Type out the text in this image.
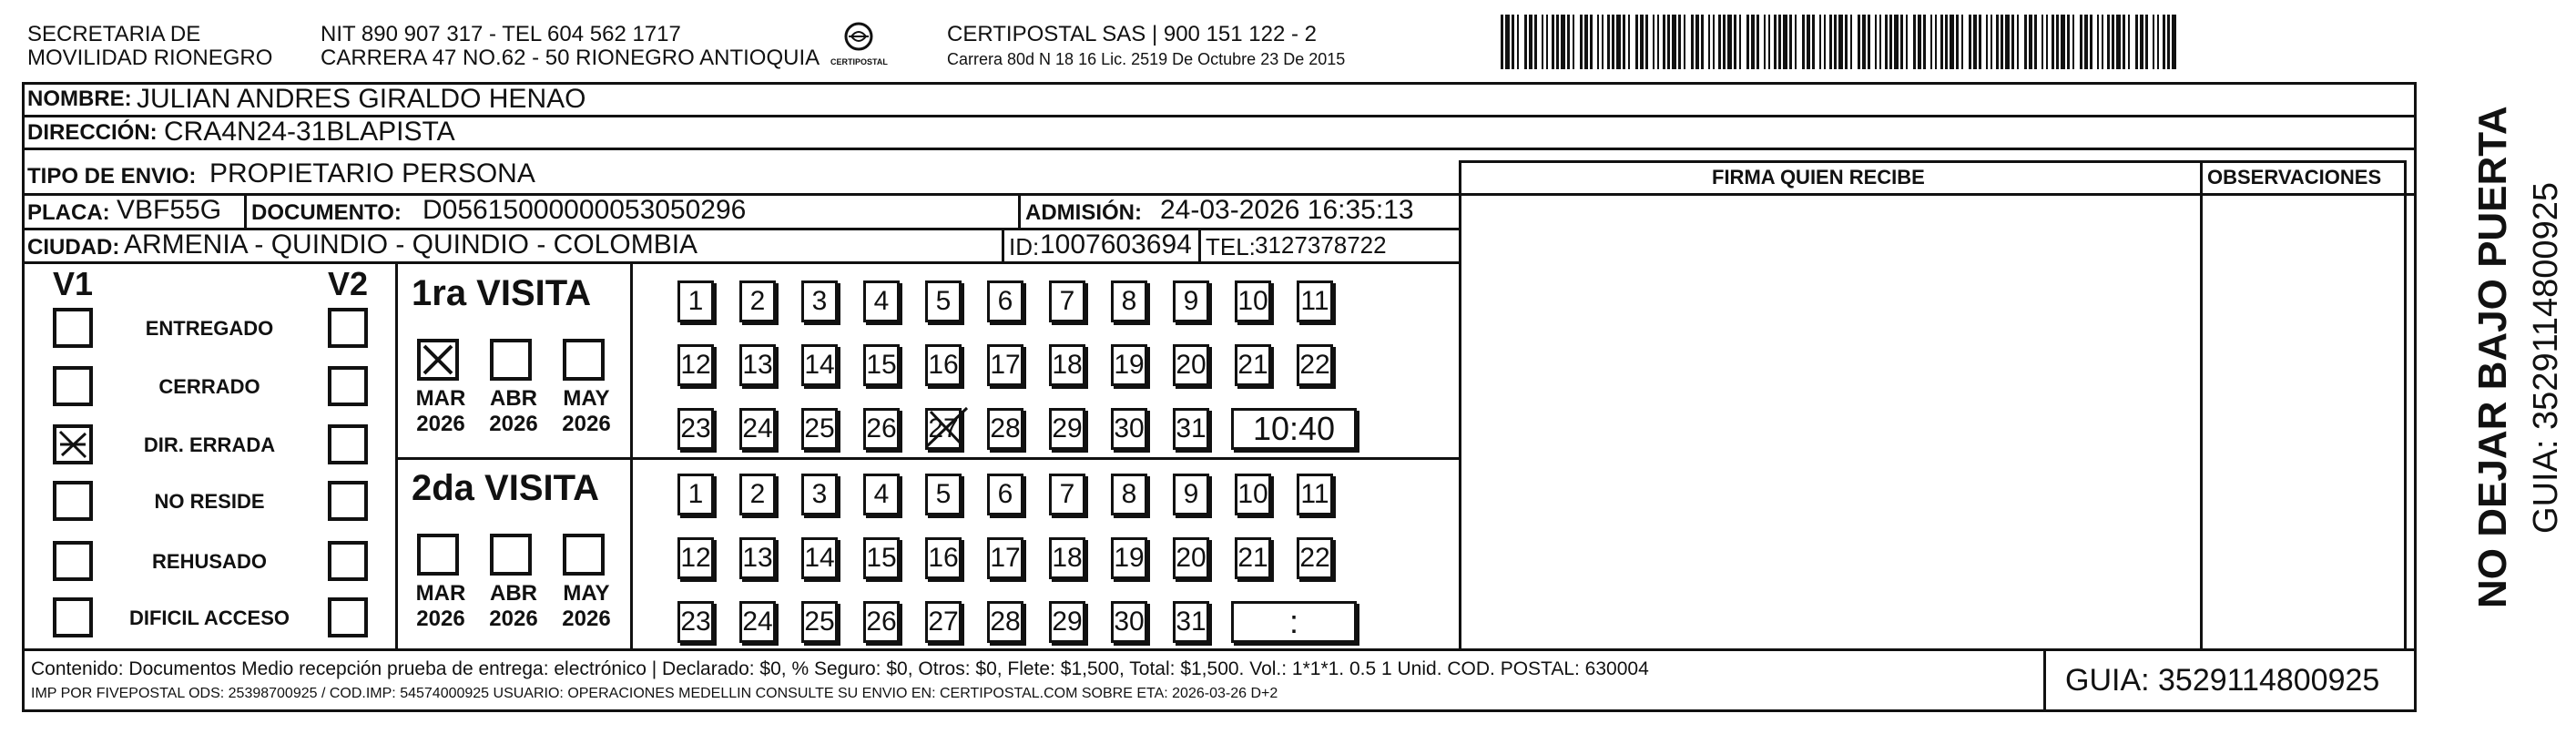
SECRETARIA DE
MOVILIDAD RIONEGRO
NIT 890 907 317 - TEL 604 562 1717
CARRERA 47 NO.62 - 50 RIONEGRO ANTIOQUIA CERTIPOSTAL
CERTIPOSTAL SAS | 900 151 122 - 2
Carrera 80d N 18 16 Lic. 2519 De Octubre 23 De 2015
NOMBRE: JULIAN ANDRES GIRALDO HENAO
DIRECCIÓN: CRA4N24-31BLAPISTA
TIPO DE ENVIO: PROPIETARIO PERSONA	FIRMA QUIEN RECIBE	OBSERVACIONES
PLACA: VBF55G DOCUMENTO: D05615000000053050296	ADMISIÓN: 24-03-2026 16:35:13
CIUDAD: ARMENIA - QUINDIO - QUINDIO - COLOMBIA	ID: 1007603694 TEL: 3127378722
V1	V2
ENTREGADO
CERRADO
DIR. ERRADA
NO RESIDE
REHUSADO
DIFICIL ACCESO
1ra VISITA
MAR
2026
ABR
2026
MAY
2026
1	2	3	4	5	6	7	8	9	10 11
12 13 14 15 16 17 18 19 20 21 22
23 24 25 26 27 28 29 30 31	10:40
2da VISITA
MAR
2026
ABR
2026
MAY
2026
1	2	3	4	5	6	7	8	9	10 11
12 13 14 15 16 17 18 19 20 21 22
23 24 25 26 27 28 29 30 31	:
Contenido: Documentos Medio recepción prueba de entrega: electrónico | Declarado: $0, % Seguro: $0, Otros: $0, Flete: $1,500, Total: $1,500. Vol.: 1*1*1. 0.5 1 Unid. COD. POSTAL: 630004
IMP POR FIVEPOSTAL ODS: 25398700925 / COD.IMP: 54574000925 USUARIO: OPERACIONES MEDELLIN CONSULTE SU ENVIO EN: CERTIPOSTAL.COM SOBRE ETA: 2026-03-26 D+2	GUIA: 3529114800925
NO DEJAR BAJO PUERTA GUIA: 3529114800925
